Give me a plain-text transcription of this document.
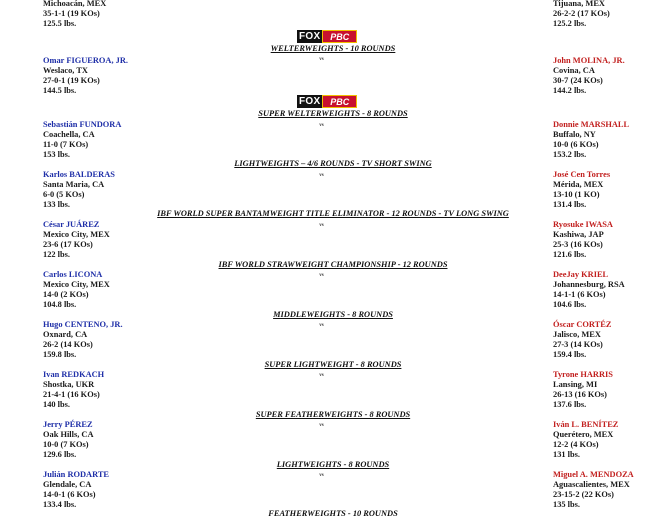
Michoacán, MEX
35-1-1 (19 KOs)
125.5 lbs.
Tijuana, MEX
26-2-2 (17 KOs)
125.2 lbs.
FOX	PBC
FOX	PBC
WELTERWEIGHTS - 10 ROUNDS
vs
Omar FIGUEROA, JR.
Weslaco, TX
27-0-1 (19 KOs)
144.5 lbs.
John MOLINA, JR.
Covina, CA
30-7 (24 KOs)
144.2 lbs.
SUPER WELTERWEIGHTS - 8 ROUNDS
vs
Sebastián FUNDORA
Coachella, CA
11-0 (7 KOs)
153 lbs.
Donnie MARSHALL
Buffalo, NY
10-0 (6 KOs)
153.2 lbs.
LIGHTWEIGHTS – 4/6 ROUNDS - TV SHORT SWING
vs
Karlos BALDERAS
Santa Maria, CA
6-0 (5 KOs)
133 lbs.
José Cen Torres
Mérida, MEX
13-10 (1 KO)
131.4 lbs.
IBF WORLD SUPER BANTAMWEIGHT TITLE ELIMINATOR - 12 ROUNDS - TV LONG SWING
vs
César JUÁREZ
Mexico City, MEX
23-6 (17 KOs)
122 lbs.
Ryosuke IWASA
Kashiwa, JAP
25-3 (16 KOs)
121.6 lbs.
IBF WORLD STRAWWEIGHT CHAMPIONSHIP - 12 ROUNDS
vs
Carlos LICONA
Mexico City, MEX
14-0 (2 KOs)
104.8 lbs.
DeeJay KRIEL
Johannesburg, RSA
14-1-1 (6 KOs)
104.6 lbs.
MIDDLEWEIGHTS - 8 ROUNDS
vs
Hugo CENTENO, JR.
Oxnard, CA
26-2 (14 KOs)
159.8 lbs.
Óscar CORTÉZ
Jalisco, MEX
27-3 (14 KOs)
159.4 lbs.
SUPER LIGHTWEIGHT - 8 ROUNDS
vs
Ivan REDKACH
Shostka, UKR
21-4-1 (16 KOs)
140 lbs.
Tyrone HARRIS
Lansing, MI
26-13 (16 KOs)
137.6 lbs.
SUPER FEATHERWEIGHTS - 8 ROUNDS
vs
Jerry PÉREZ
Oak Hills, CA
10-0 (7 KOs)
129.6 lbs.
Iván L. BENÍTEZ
Querétero, MEX
12-2 (4 KOs)
131 lbs.
LIGHTWEIGHTS - 8 ROUNDS
vs
Julián RODARTE
Glendale, CA
14-0-1 (6 KOs)
133.4 lbs.
Miguel A. MENDOZA
Aguascalientes, MEX
23-15-2 (22 KOs)
135 lbs.
FEATHERWEIGHTS - 10 ROUNDS
